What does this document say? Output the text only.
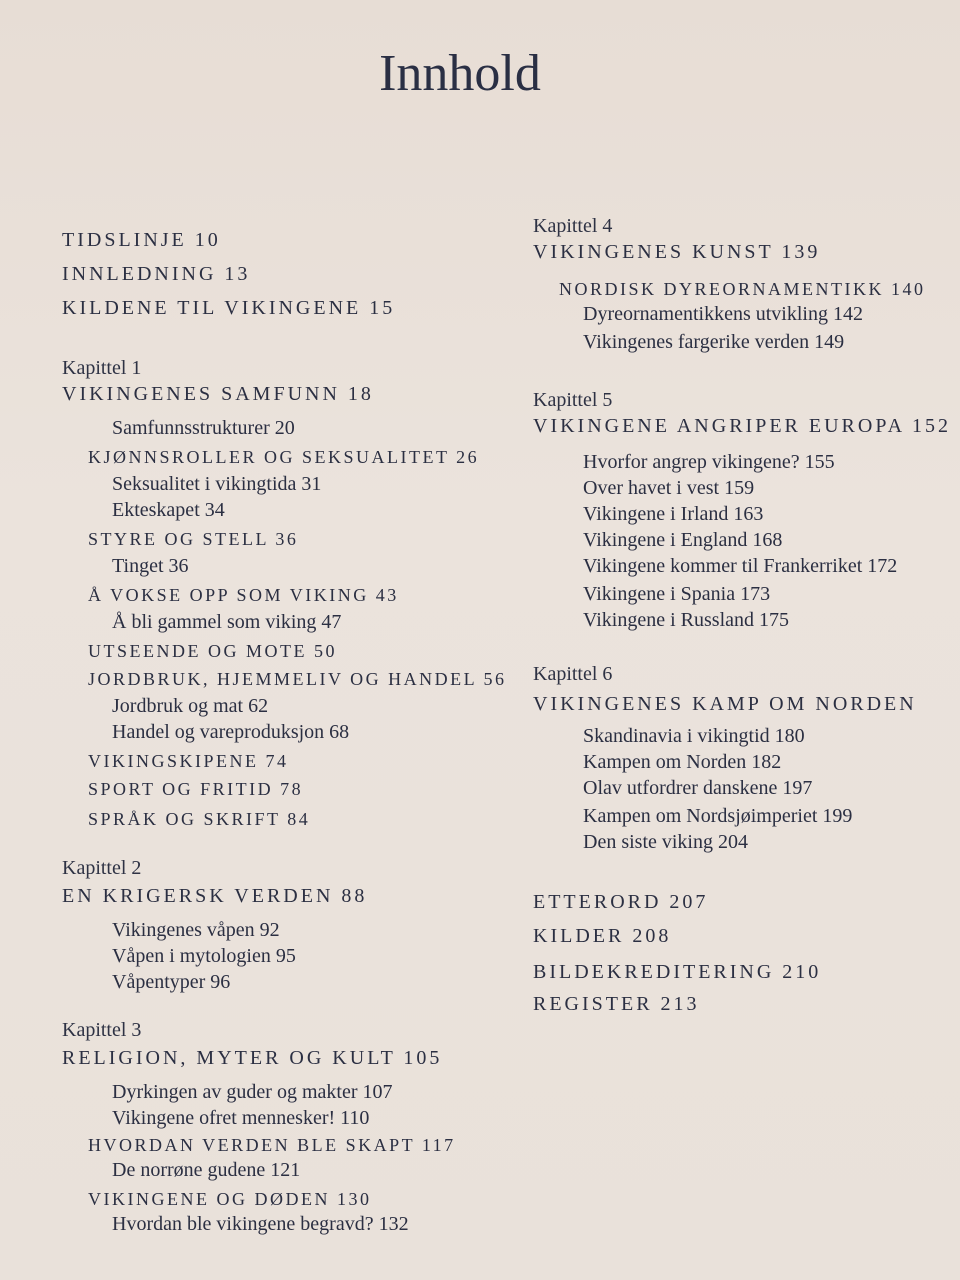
Innhold
TIDSLINJE 10
INNLEDNING 13
KILDENE TIL VIKINGENE 15
Kapittel 1
VIKINGENES SAMFUNN 18
Samfunnsstrukturer 20
KJØNNSROLLER OG SEKSUALITET 26
Seksualitet i vikingtida 31
Ekteskapet 34
STYRE OG STELL 36
Tinget 36
Å VOKSE OPP SOM VIKING 43
Å bli gammel som viking 47
UTSEENDE OG MOTE 50
JORDBRUK, HJEMMELIV OG HANDEL 56
Jordbruk og mat 62
Handel og vareproduksjon 68
VIKINGSKIPENE 74
SPORT OG FRITID 78
SPRÅK OG SKRIFT 84
Kapittel 2
EN KRIGERSK VERDEN 88
Vikingenes våpen 92
Våpen i mytologien 95
Våpentyper 96
Kapittel 3
RELIGION, MYTER OG KULT 105
Dyrkingen av guder og makter 107
Vikingene ofret mennesker! 110
HVORDAN VERDEN BLE SKAPT 117
De norrøne gudene 121
VIKINGENE OG DØDEN 130
Hvordan ble vikingene begravd? 132
Kapittel 4
VIKINGENES KUNST 139
NORDISK DYREORNAMENTIKK 140
Dyreornamentikkens utvikling 142
Vikingenes fargerike verden 149
Kapittel 5
VIKINGENE ANGRIPER EUROPA 152
Hvorfor angrep vikingene? 155
Over havet i vest 159
Vikingene i Irland 163
Vikingene i England 168
Vikingene kommer til Frankerriket 172
Vikingene i Spania 173
Vikingene i Russland 175
Kapittel 6
VIKINGENES KAMP OM NORDEN
Skandinavia i vikingtid 180
Kampen om Norden 182
Olav utfordrer danskene 197
Kampen om Nordsjøimperiet 199
Den siste viking 204
ETTERORD 207
KILDER 208
BILDEKREDITERING 210
REGISTER 213
